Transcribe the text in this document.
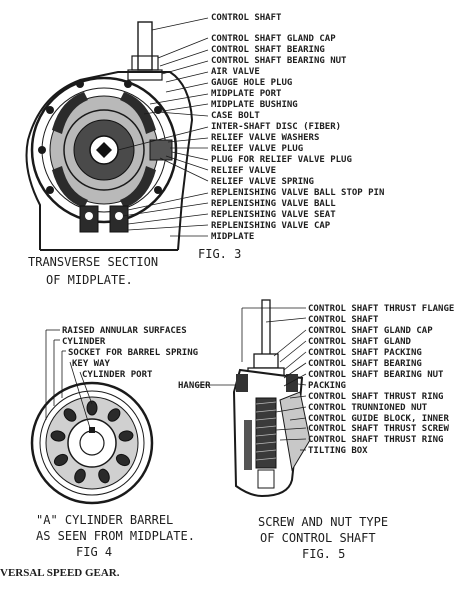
CONTROL SHAFT
CONTROL SHAFT GLAND CAP
CONTROL SHAFT BEARING
CONTROL SHAFT BEARING NUT
AIR VALVE
GAUGE HOLE PLUG
MIDPLATE PORT
MIDPLATE BUSHING
CASE BOLT
INTER-SHAFT DISC (FIBER)
RELIEF VALVE WASHERS
RELIEF VALVE PLUG
PLUG FOR RELIEF VALVE PLUG
RELIEF VALVE
RELIEF VALVE SPRING
REPLENISHING VALVE BALL STOP PIN
REPLENISHING VALVE BALL
REPLENISHING VALVE SEAT
REPLENISHING VALVE CAP
MIDPLATE
TRANSVERSE SECTION
OF MIDPLATE.
FIG. 3
RAISED ANNULAR SURFACES
CYLINDER
SOCKET FOR BARREL SPRING
KEY WAY
CYLINDER PORT
"A" CYLINDER BARREL
AS SEEN FROM MIDPLATE.
FIG 4
HANGER
CONTROL SHAFT THRUST FLANGE
CONTROL SHAFT
CONTROL SHAFT GLAND CAP
CONTROL SHAFT GLAND
CONTROL SHAFT PACKING
CONTROL SHAFT BEARING
CONTROL SHAFT BEARING NUT
PACKING
CONTROL SHAFT THRUST RING
CONTROL TRUNNIONED NUT
CONTROL GUIDE BLOCK, INNER
CONTROL SHAFT THRUST SCREW
CONTROL SHAFT THRUST RING
TILTING BOX
SCREW AND NUT TYPE
OF CONTROL SHAFT
FIG. 5
VERSAL SPEED GEAR.
